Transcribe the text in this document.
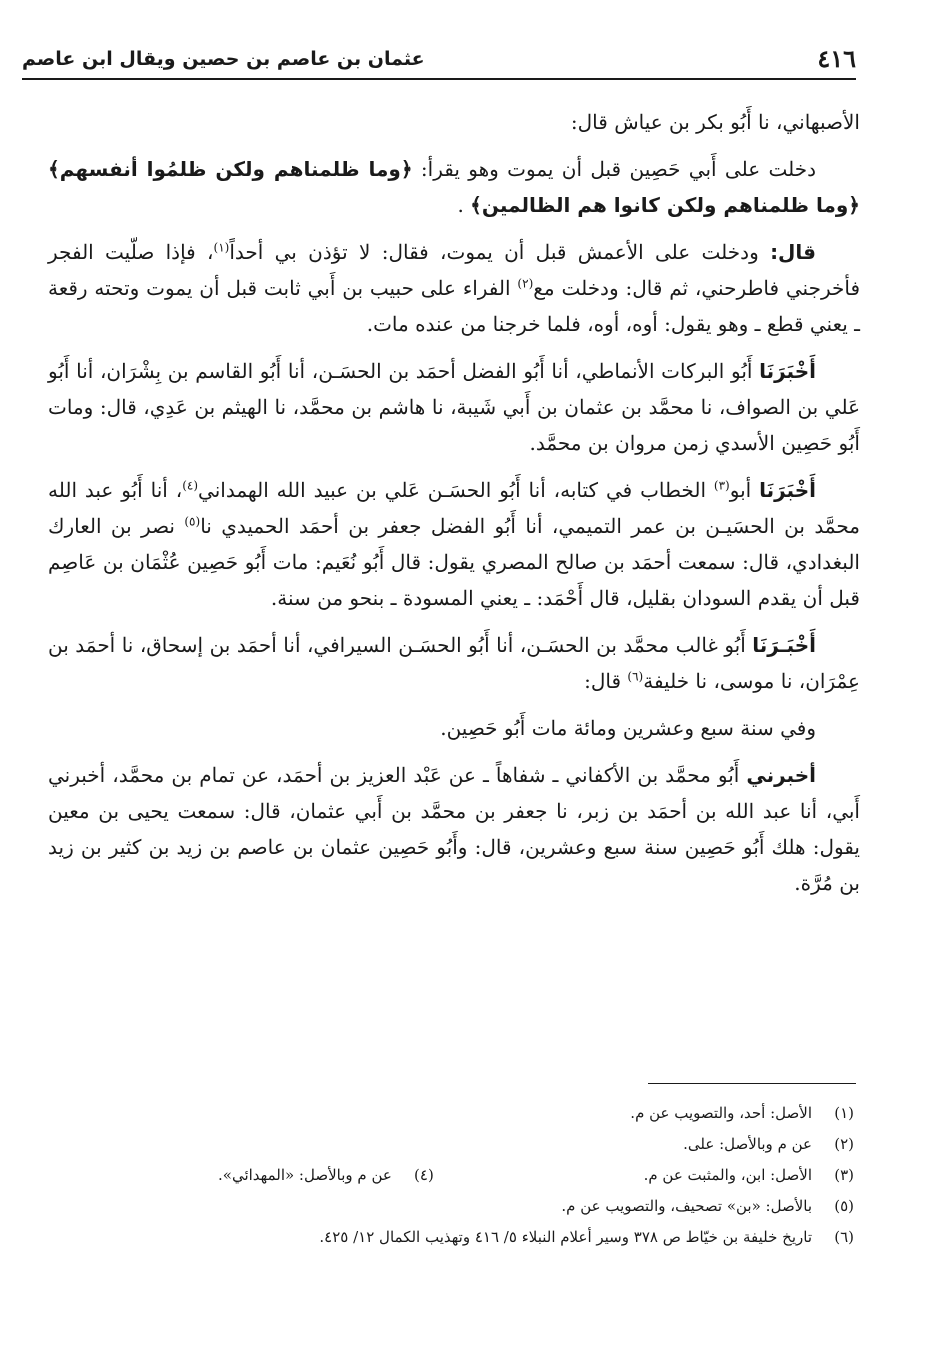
٤١٦
عثمان بن عاصم بن حصين ويقال ابن عاصم

الأصبهاني، نا أَبُو بكر بن عياش قال:

دخلت على أَبي حَصِين قبل أن يموت وهو يقرأ: ﴿وما ظلمناهم ولكن ظلمُوا أنفسهم﴾ ﴿وما ظلمناهم ولكن كانوا هم الظالمين﴾ .

قال: ودخلت على الأعمش قبل أن يموت، فقال: لا تؤذن بي أحداً$^{(١)}$، فإذا صلّيت الفجر فأخرجني فاطرحني، ثم قال: ودخلت مع$^{(٢)}$ الفراء على حبيب بن أَبي ثابت قبل أن يموت وتحته رقعة ـ يعني قطع ـ وهو يقول: أوه، أوه، فلما خرجنا من عنده مات.

أَخْبَرَنَا أَبُو البركات الأنماطي، أنا أَبُو الفضل أحمَد بن الحسَـن، أنا أَبُو القاسم بن بِشْرَان، أنا أَبُو عَلي بن الصواف، نا محمَّد بن عثمان بن أَبي شَيبة، نا هاشم بن محمَّد، نا الهيثم بن عَدِي، قال: ومات أَبُو حَصِين الأسدي زمن مروان بن محمَّد.

أَخْبَرَنَا أبو$^{(٣)}$ الخطاب في كتابه، أنا أَبُو الحسَـن عَلي بن عبيد الله الهمداني$^{(٤)}$، أنا أَبُو عبد الله محمَّد بن الحسَيـن بن عمر التميمي، أنا أَبُو الفضل جعفر بن أحمَد الحميدي نا$^{(٥)}$ نصر بن العارك البغدادي، قال: سمعت أحمَد بن صالح المصري يقول: قال أَبُو نُعَيم: مات أَبُو حَصِين عُثْمَان بن عَاصِم قبل أن يقدم السودان بقليل، قال أَحْمَد: ـ يعني المسودة ـ بنحو من سنة.

أَخْبَـرَنَا أَبُو غالب محمَّد بن الحسَـن، أنا أَبُو الحسَـن السيرافي، أنا أحمَد بن إسحاق، نا أحمَد بن عِمْرَان، نا موسى، نا خليفة$^{(٦)}$ قال:

وفي سنة سبع وعشرين ومائة مات أَبُو حَصِين.

أخبرني أَبُو محمَّد بن الأكفاني ـ شفاهاً ـ عن عَبْد العزيز بن أحمَد، عن تمام بن محمَّد، أخبرني أَبي، أنا عبد الله بن أحمَد بن زبر، نا جعفر بن محمَّد بن أَبي عثمان، قال: سمعت يحيى بن معين يقول: هلك أَبُو حَصِين سنة سبع وعشرين، قال: وأَبُو حَصِين عثمان بن عاصم بن زيد بن كثير بن زيد بن مُرَّة.

(١)الأصل: أحد، والتصويب عن م.
(٢)عن م وبالأصل: على.
(٣)الأصل: ابن، والمثبت عن م.
(٤)عن م وبالأصل: «المهدائي».
(٥)بالأصل: «بن» تصحيف، والتصويب عن م.
(٦)تاريخ خليفة بن خيّاط ص ٣٧٨ وسير أعلام النبلاء ٥/ ٤١٦ وتهذيب الكمال ١٢/ ٤٢٥.
